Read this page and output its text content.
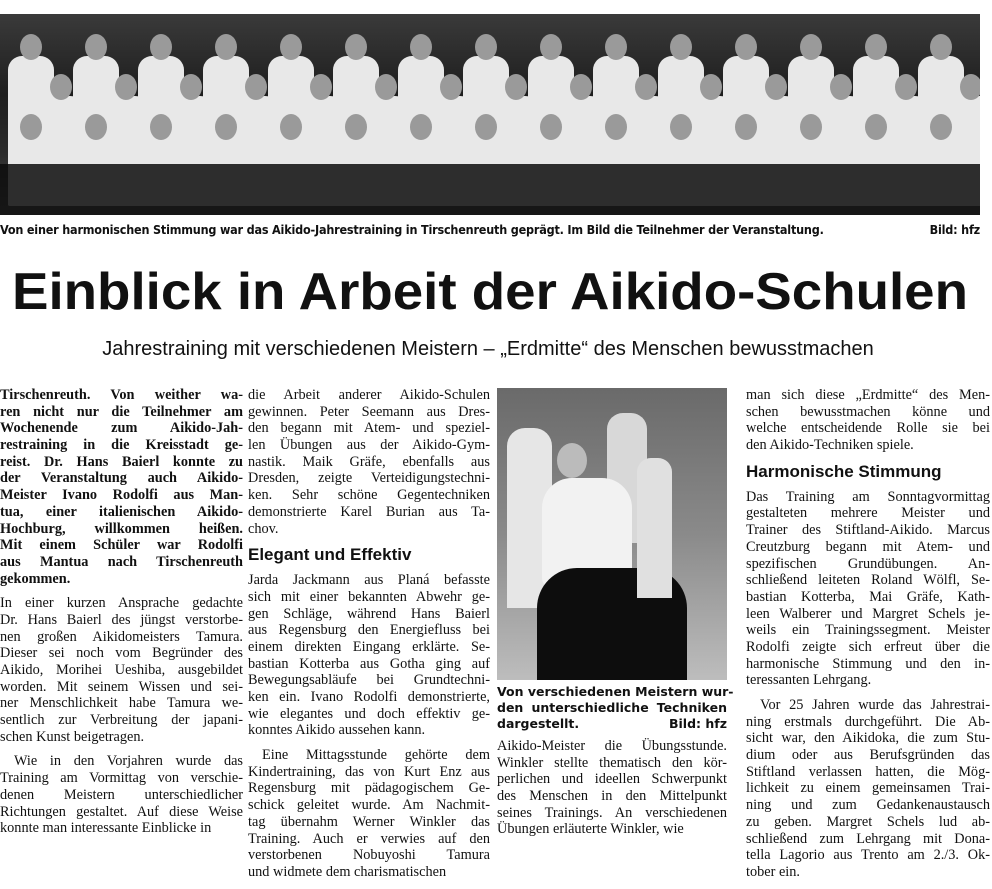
Von einer harmonischen Stimmung war das Aikido-Jahrestraining in Tirschenreuth geprägt. Im Bild die Teilnehmer der Veranstaltung.	Bild: hfz
Einblick in Arbeit der Aikido-Schulen
Jahrestraining mit verschiedenen Meistern – „Erdmitte“ des Menschen bewusstmachen
Tirschenreuth. Von weither wa-
ren nicht nur die Teilnehmer am
Wochenende zum Aikido-Jah-
restraining in die Kreisstadt ge-
reist. Dr. Hans Baierl konnte zu
der Veranstaltung auch Aikido-
Meister Ivano Rodolfi aus Man-
tua, einer italienischen Aikido-
Hochburg, willkommen heißen.
Mit einem Schüler war Rodolfi
aus Mantua nach Tirschenreuth
gekommen.
In einer kurzen Ansprache gedachte
Dr. Hans Baierl des jüngst verstorbe-
nen großen Aikidomeisters Tamura.
Dieser sei noch vom Begründer des
Aikido, Morihei Ueshiba, ausgebildet
worden. Mit seinem Wissen und sei-
ner Menschlichkeit habe Tamura we-
sentlich zur Verbreitung der japani-
schen Kunst beigetragen.
Wie in den Vorjahren wurde das
Training am Vormittag von verschie-
denen Meistern unterschiedlicher
Richtungen gestaltet. Auf diese Weise
konnte man interessante Einblicke in
die Arbeit anderer Aikido-Schulen
gewinnen. Peter Seemann aus Dres-
den begann mit Atem- und speziel-
len Übungen aus der Aikido-Gym-
nastik. Maik Gräfe, ebenfalls aus
Dresden, zeigte Verteidigungstechni-
ken. Sehr schöne Gegentechniken
demonstrierte Karel Burian aus Ta-
chov.
Elegant und Effektiv
Jarda Jackmann aus Planá befasste
sich mit einer bekannten Abwehr ge-
gen Schläge, während Hans Baierl
aus Regensburg den Energiefluss bei
einem direkten Eingang erklärte. Se-
bastian Kotterba aus Gotha ging auf
Bewegungsabläufe bei Grundtechni-
ken ein. Ivano Rodolfi demonstrierte,
wie elegantes und doch effektiv ge-
konntes Aikido aussehen kann.
Eine Mittagsstunde gehörte dem
Kindertraining, das von Kurt Enz aus
Regensburg mit pädagogischem Ge-
schick geleitet wurde. Am Nachmit-
tag übernahm Werner Winkler das
Training. Auch er verwies auf den
verstorbenen Nobuyoshi Tamura
und widmete dem charismatischen
Von verschiedenen Meistern wur-
den unterschiedliche Techniken
dargestellt.	Bild: hfz
Aikido-Meister die Übungsstunde.
Winkler stellte thematisch den kör-
perlichen und ideellen Schwerpunkt
des Menschen in den Mittelpunkt
seines Trainings. An verschiedenen
Übungen erläuterte Winkler, wie
man sich diese „Erdmitte“ des Men-
schen bewusstmachen könne und
welche entscheidende Rolle sie bei
den Aikido-Techniken spiele.
Harmonische Stimmung
Das Training am Sonntagvormittag
gestalteten mehrere Meister und
Trainer des Stiftland-Aikido. Marcus
Creutzburg begann mit Atem- und
spezifischen Grundübungen. An-
schließend leiteten Roland Wölfl, Se-
bastian Kotterba, Mai Gräfe, Kath-
leen Walberer und Margret Schels je-
weils ein Trainingssegment. Meister
Rodolfi zeigte sich erfreut über die
harmonische Stimmung und den in-
teressanten Lehrgang.
Vor 25 Jahren wurde das Jahrestrai-
ning erstmals durchgeführt. Die Ab-
sicht war, den Aikidoka, die zum Stu-
dium oder aus Berufsgründen das
Stiftland verlassen hatten, die Mög-
lichkeit zu einem gemeinsamen Trai-
ning und zum Gedankenaustausch
zu geben. Margret Schels lud ab-
schließend zum Lehrgang mit Dona-
tella Lagorio aus Trento am 2./3. Ok-
tober ein.
